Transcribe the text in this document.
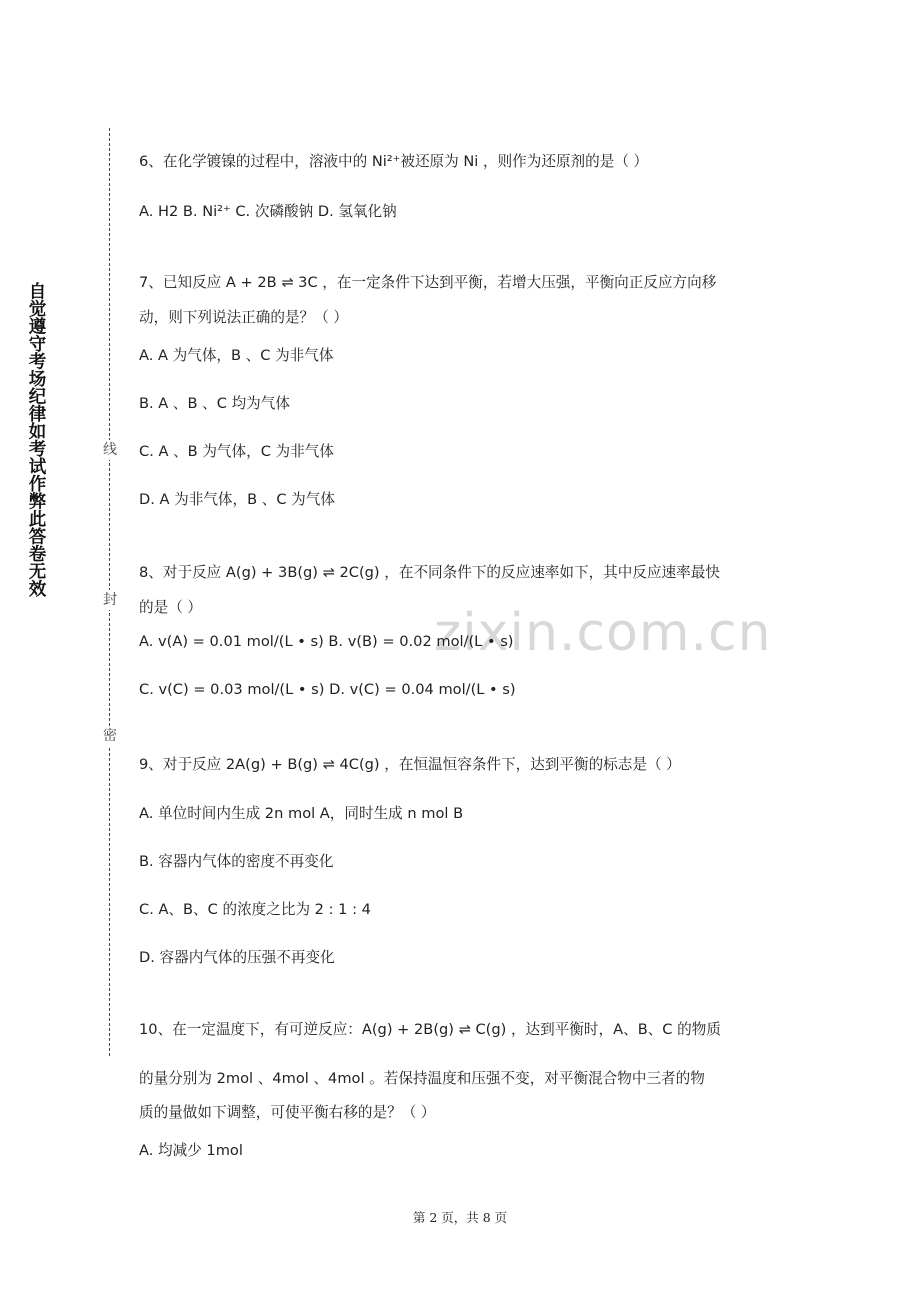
线
封
密
自觉遵守考场纪律如考试作弊此答卷无效
zixin.com.cn
6、在化学镀镍的过程中，溶液中的 Ni²⁺被还原为 Ni ，则作为还原剂的是（ ）
A. H2 B. Ni²⁺ C. 次磷酸钠 D. 氢氧化钠
7、已知反应 A + 2B ⇌ 3C ，在一定条件下达到平衡，若增大压强，平衡向正反应方向移
动，则下列说法正确的是？（ ）
A. A 为气体，B 、C 为非气体
B. A 、B 、C 均为气体
C. A 、B 为气体，C 为非气体
D. A 为非气体，B 、C 为气体
8、对于反应 A(g) + 3B(g) ⇌ 2C(g) ，在不同条件下的反应速率如下，其中反应速率最快
的是（ ）
A. v(A) = 0.01 mol/(L • s) B. v(B) = 0.02 mol/(L • s)
C. v(C) = 0.03 mol/(L • s) D. v(C) = 0.04 mol/(L • s)
9、对于反应 2A(g) + B(g) ⇌ 4C(g) ，在恒温恒容条件下，达到平衡的标志是（ ）
A. 单位时间内生成 2n mol A，同时生成 n mol B
B. 容器内气体的密度不再变化
C. A、B、C 的浓度之比为 2 : 1 : 4
D. 容器内气体的压强不再变化
10、在一定温度下，有可逆反应：A(g) + 2B(g) ⇌ C(g) ，达到平衡时，A、B、C 的物质
的量分别为 2mol 、4mol 、4mol 。若保持温度和压强不变，对平衡混合物中三者的物
质的量做如下调整，可使平衡右移的是？（ ）
A. 均减少 1mol
第 2 页，共 8 页
